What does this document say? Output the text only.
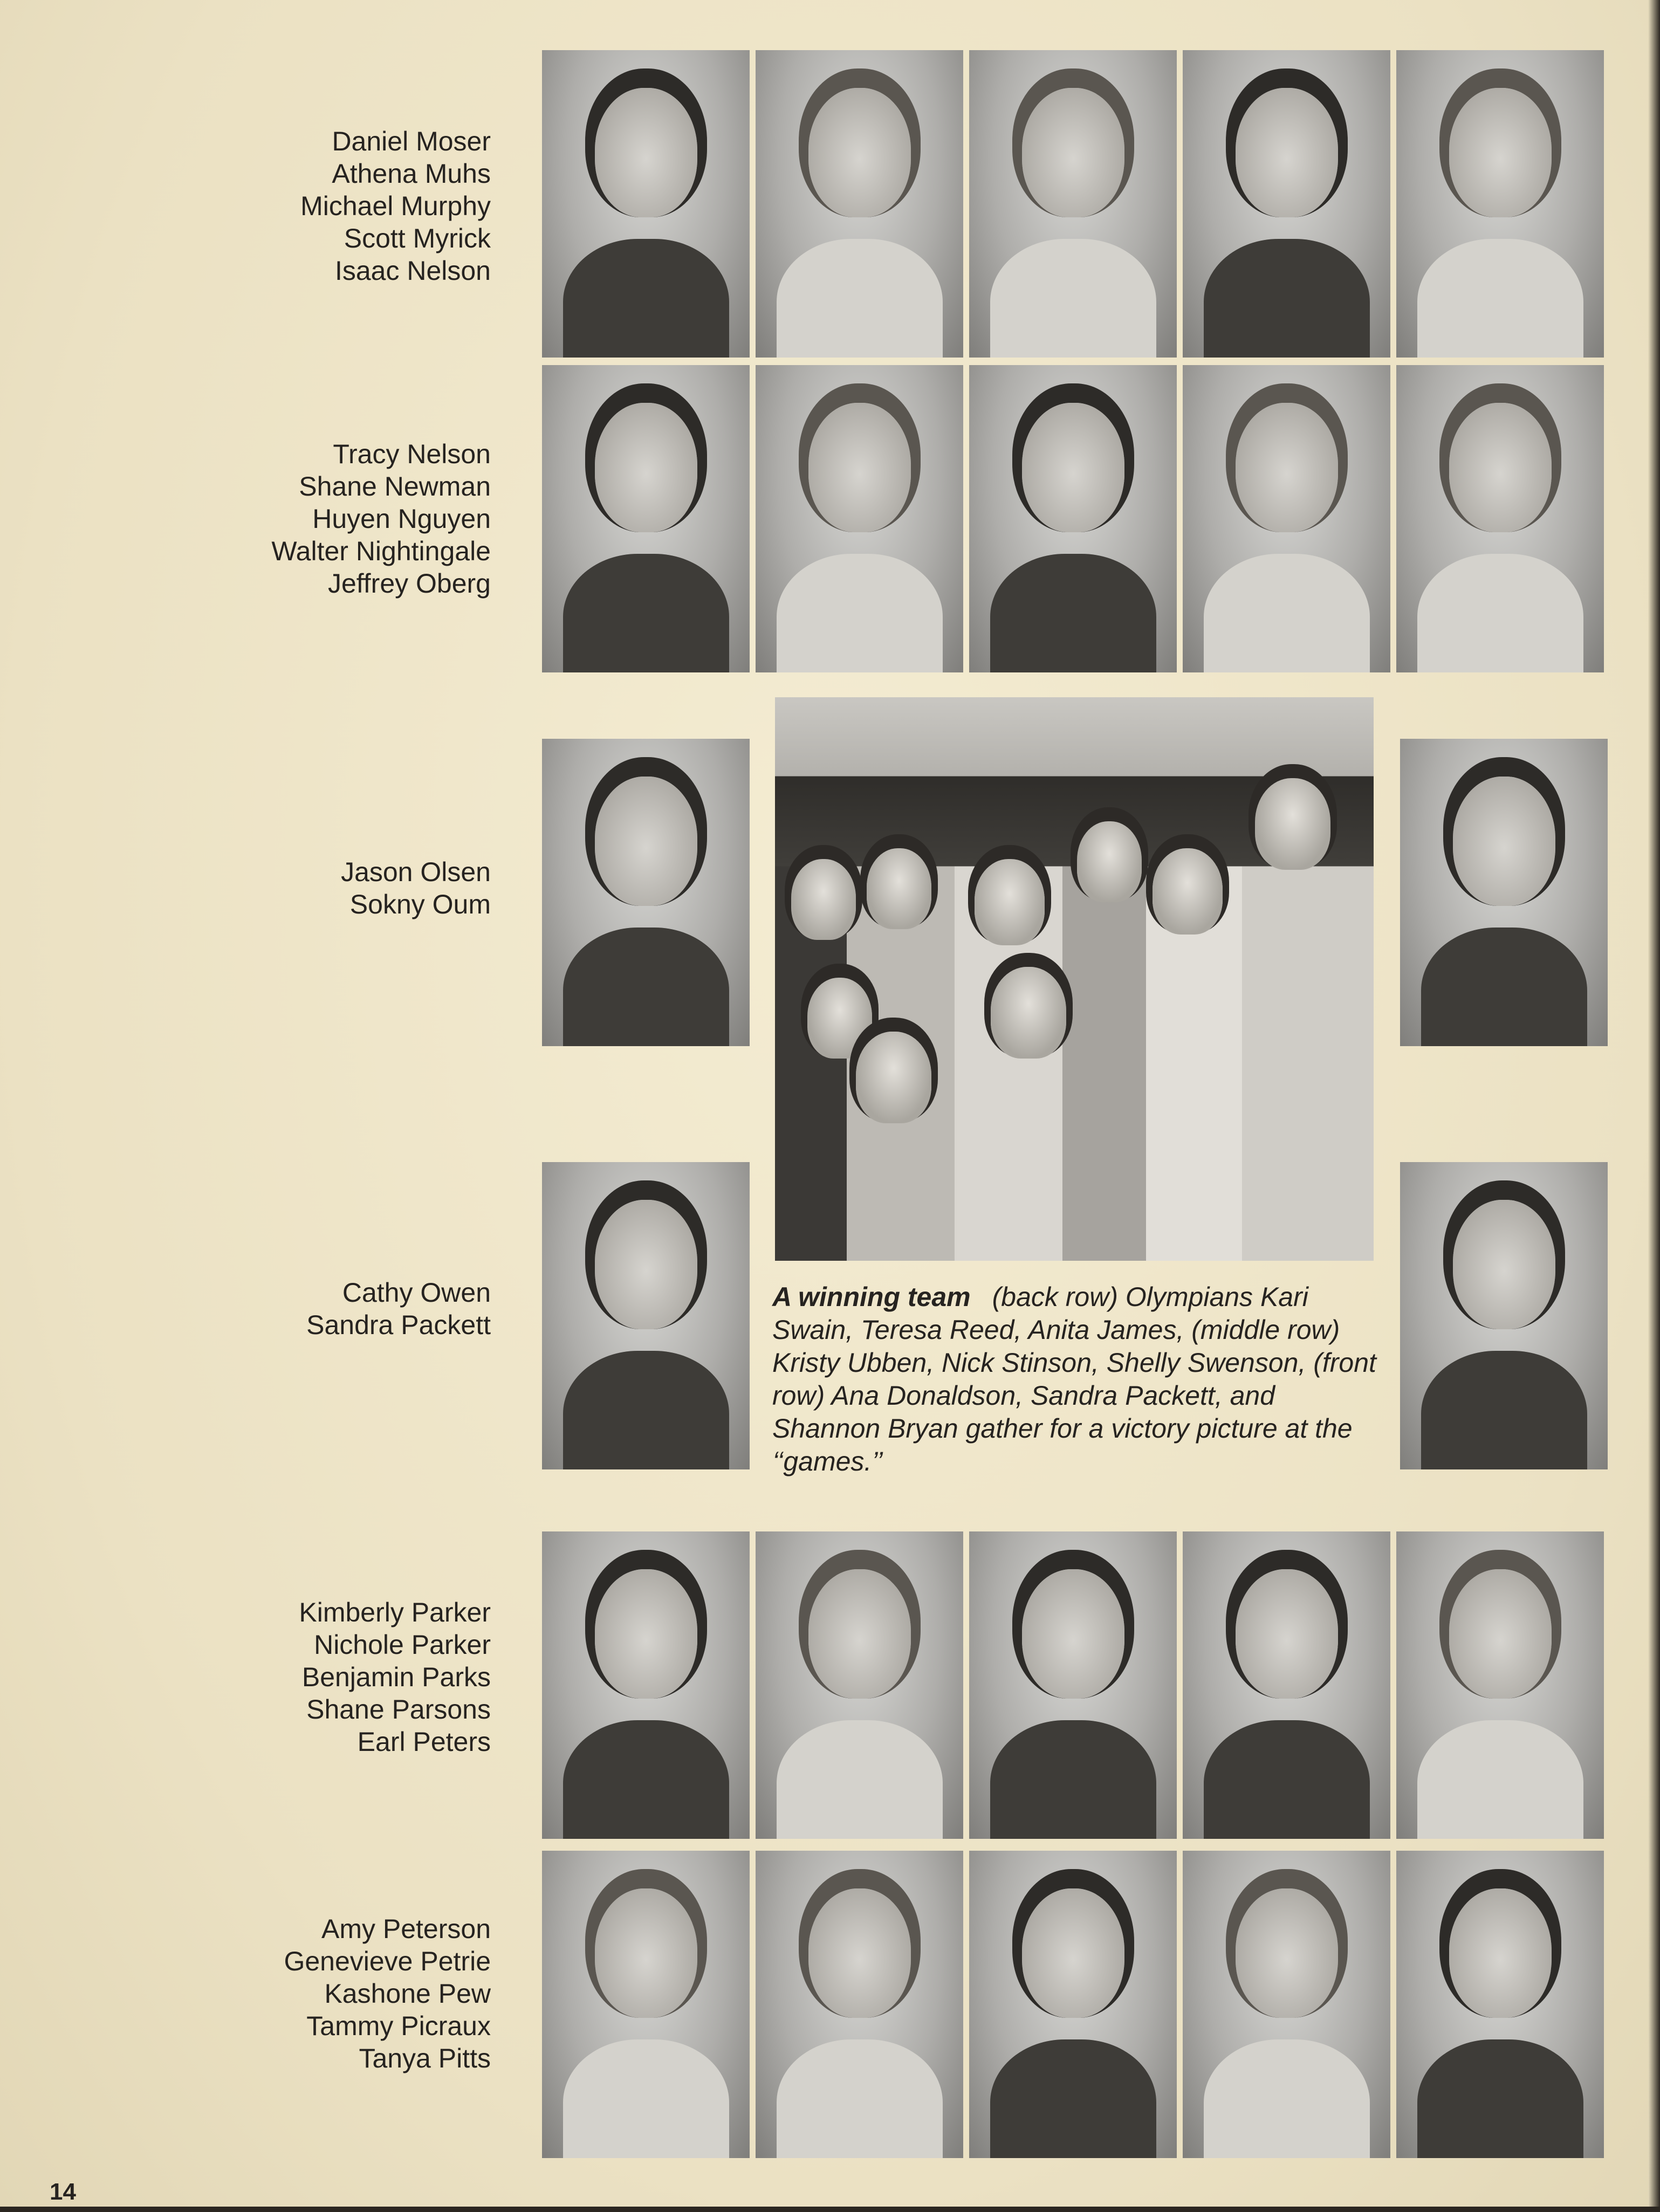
Daniel Moser
Athena Muhs
Michael Murphy
Scott Myrick
Isaac Nelson
Tracy Nelson
Shane Newman
Huyen Nguyen
Walter Nightingale
Jeffrey Oberg
Jason Olsen
Sokny Oum
Cathy Owen
Sandra Packett
Kimberly Parker
Nichole Parker
Benjamin Parks
Shane Parsons
Earl Peters
Amy Peterson
Genevieve Petrie
Kashone Pew
Tammy Picraux
Tanya Pitts
A winning team (back row) Olympians Kari Swain, Teresa Reed, Anita James, (middle row) Kristy Ubben, Nick Stinson, Shelly Swenson, (front row) Ana Donaldson, Sandra Packett, and Shannon Bryan gather for a victory picture at the ‘‘games.’’
14
